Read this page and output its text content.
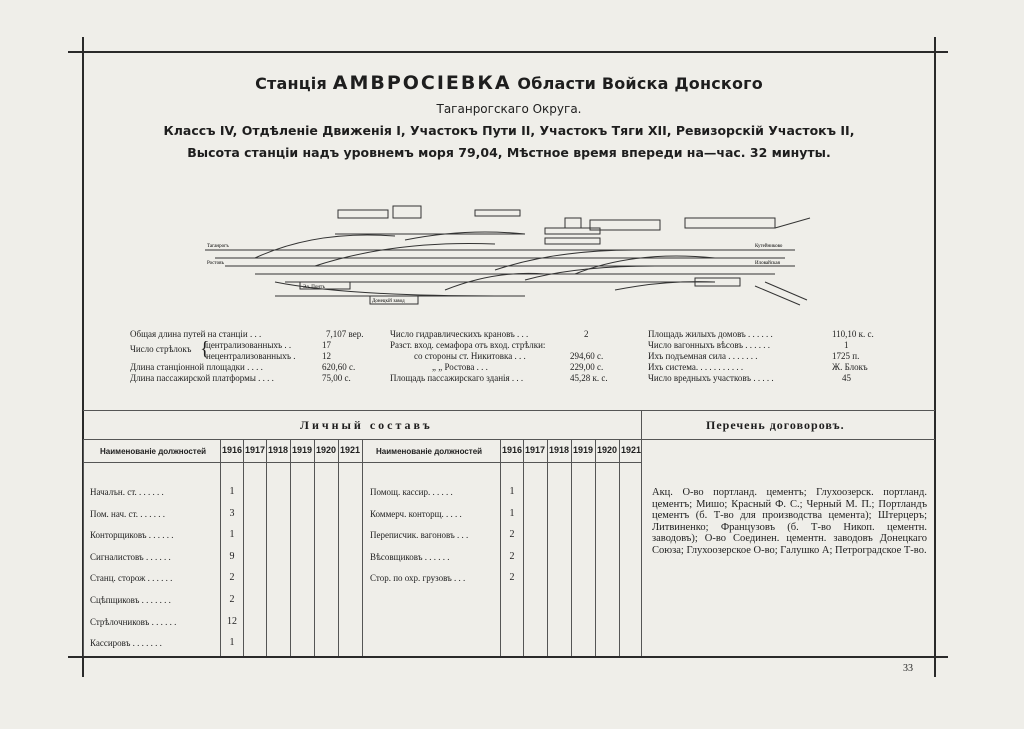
Станція АМВРОСІЕВКА Области Войска Донского
Таганрогскаго Округа.
Классъ IV, Отдѣленіе Движенія I, Участокъ Пути II, Участокъ Тяги XII, Ревизорскій Участокъ II,
Высота станціи надъ уровнемъ моря 79,04, Мѣстное время впереди на—час. 32 минуты.
Эл. Понтъ
Донецкій завод
Таганрогъ
Ростовъ
Кутейниково
Иловайская
Общая длина путей на станціи . . .	7,107 вер.
Число стрѣлокъ централизованныхъ . .	17
нецентрализованныхъ .	12
Длина станціонной площадки . . . .	620,60 с.
Длина пассажирской платформы . . . .	75,00 с.
{
Число гидравлическихъ крановъ . . .	2
Разст. вход. семафора отъ вход. стрѣлки:
со стороны ст. Никитовка . . .	294,60 с.
„ „ Ростова . . .	229,00 с.
Площадь пассажирскаго зданія . . .	45,28 к. с.
Площадь жилыхъ домовъ . . . . . .	110,10 к. с.
Число вагонныхъ вѣсовъ . . . . . .	1
Ихъ подъемная сила . . . . . . .	1725 п.
Ихъ система. . . . . . . . . . .	Ж. Блокъ
Число вредныхъ участковъ . . . . .	45
Личный составъ	Перечень договоровъ.
Наименованіе должностей	Наименованіе должностей
1916 1917 1918 1919 1920 1921	1916 1917 1918 1919 1920 1921
Началън. ст. . . . . . .	1
Пом. нач. ст. . . . . . .	3
Конторщиковъ . . . . . .	1
Сигналистовъ . . . . . .	9
Станц. сторож . . . . . .	2
Сцѣпщиковъ . . . . . . .	2
Стрѣлочниковъ . . . . . .	12
Кассировъ . . . . . . .	1
Помощ. кассир. . . . . .	1
Коммерч. конторщ. . . . .	1
Переписчик. вагоновъ . . .	2
Вѣсовщиковъ . . . . . .	2
Стор. по охр. грузовъ . . .	2
Акц. О-во портланд. цементъ; Глухоозерск. портланд. цементъ; Мишо; Красный Ф. С.; Черный М. П.; Портландъ цементъ (б. Т-во для производства цемента); Штерцеръ; Литвиненко; Французовъ (б. Т-во Никоп. цементн. заводовъ); О-во Соединен. цементн. заводовъ Донецкаго Союза; Глухоозерское О-во; Галушко А; Петроградское Т-во.
33
